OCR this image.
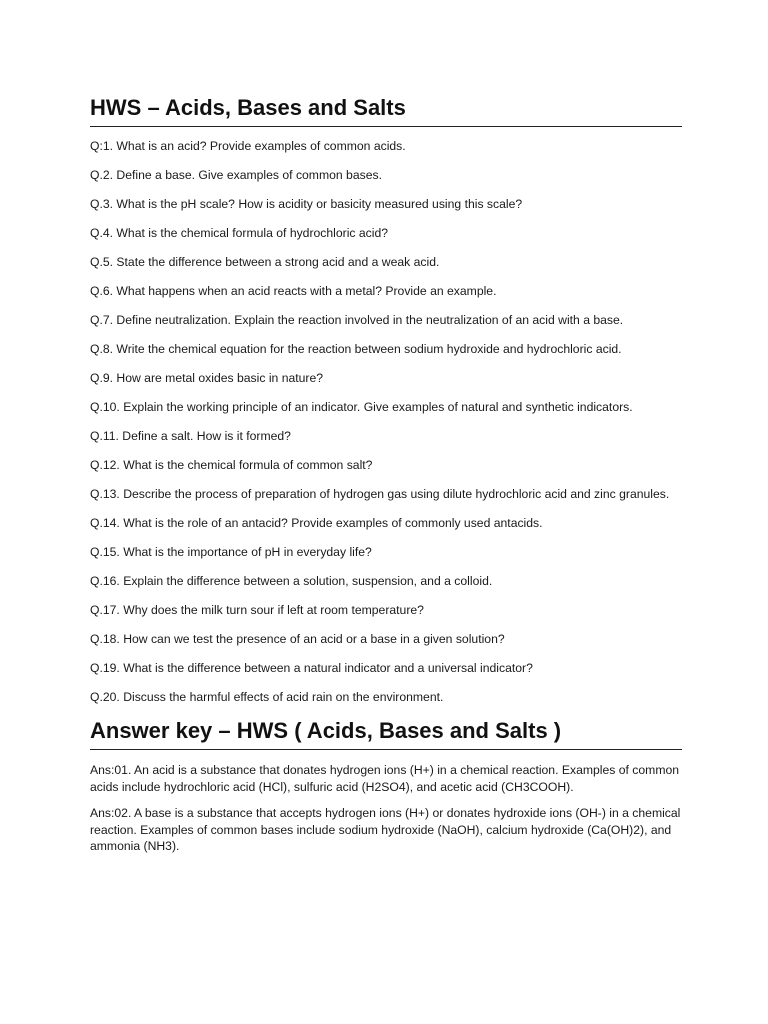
HWS – Acids, Bases and Salts

Q:1. What is an acid? Provide examples of common acids.

Q.2. Define a base. Give examples of common bases.

Q.3. What is the pH scale? How is acidity or basicity measured using this scale?

Q.4. What is the chemical formula of hydrochloric acid?

Q.5. State the difference between a strong acid and a weak acid.

Q.6. What happens when an acid reacts with a metal? Provide an example.

Q.7. Define neutralization. Explain the reaction involved in the neutralization of an acid with a base.

Q.8. Write the chemical equation for the reaction between sodium hydroxide and hydrochloric acid.

Q.9. How are metal oxides basic in nature?

Q.10. Explain the working principle of an indicator. Give examples of natural and synthetic indicators.

Q.11. Define a salt. How is it formed?

Q.12. What is the chemical formula of common salt?

Q.13. Describe the process of preparation of hydrogen gas using dilute hydrochloric acid and zinc granules.

Q.14. What is the role of an antacid? Provide examples of commonly used antacids.

Q.15. What is the importance of pH in everyday life?

Q.16. Explain the difference between a solution, suspension, and a colloid.

Q.17. Why does the milk turn sour if left at room temperature?

Q.18. How can we test the presence of an acid or a base in a given solution?

Q.19. What is the difference between a natural indicator and a universal indicator?

Q.20. Discuss the harmful effects of acid rain on the environment.

Answer key – HWS ( Acids, Bases and Salts )

Ans:01. An acid is a substance that donates hydrogen ions (H+) in a chemical reaction. Examples of common acids include hydrochloric acid (HCl), sulfuric acid (H2SO4), and acetic acid (CH3COOH).

Ans:02. A base is a substance that accepts hydrogen ions (H+) or donates hydroxide ions (OH-) in a chemical reaction. Examples of common bases include sodium hydroxide (NaOH), calcium hydroxide (Ca(OH)2), and ammonia (NH3).
